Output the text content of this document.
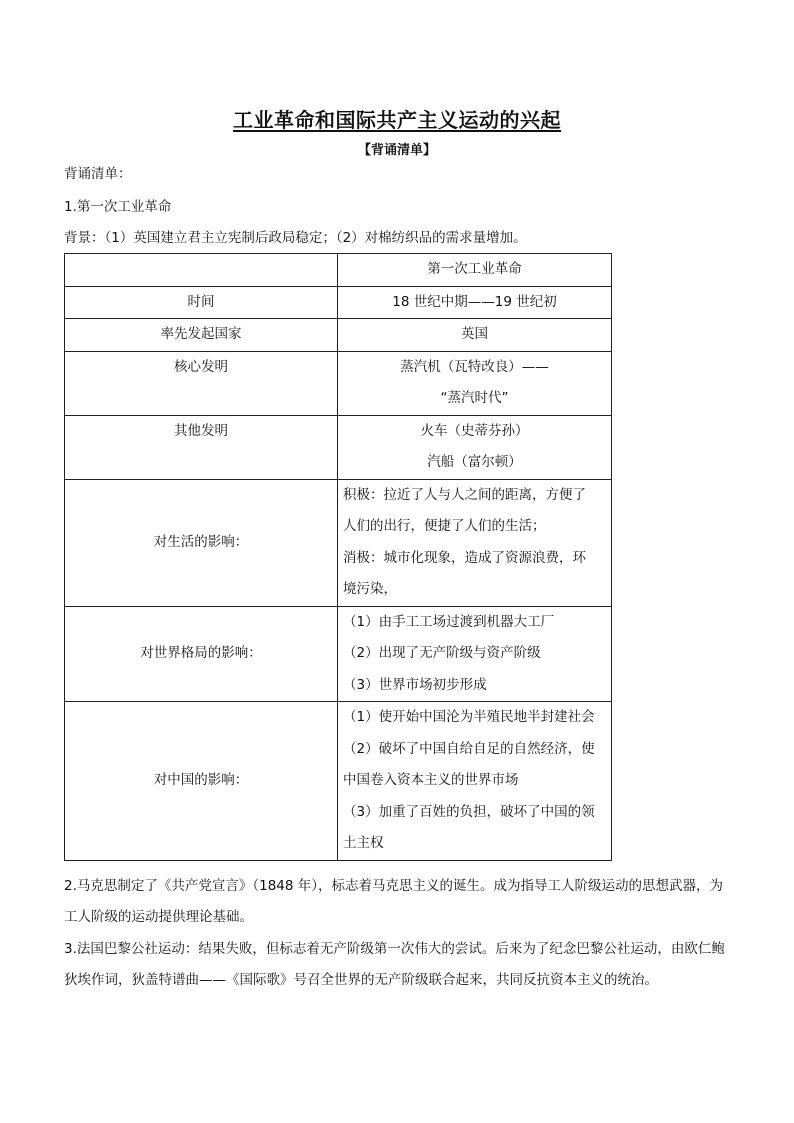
工业革命和国际共产主义运动的兴起
【背诵清单】
背诵清单：
1.第一次工业革命
背景：（1）英国建立君主立宪制后政局稳定；（2）对棉纺织品的需求量增加。

	第一次工业革命

时间	18 世纪中期——19 世纪初

率先发起国家	英国

核心发明	蒸汽机（瓦特改良）——
“蒸汽时代”

其他发明	火车（史蒂芬孙）
汽船（富尔顿）

对生活的影响：	积极：拉近了人与人之间的距离，方便了
人们的出行，便捷了人们的生活；
消极：城市化现象，造成了资源浪费，环
境污染，

对世界格局的影响：	（1）由手工工场过渡到机器大工厂
（2）出现了无产阶级与资产阶级
（3）世界市场初步形成

对中国的影响：	（1）使开始中国沦为半殖民地半封建社会
（2）破坏了中国自给自足的自然经济，使
中国卷入资本主义的世界市场
（3）加重了百姓的负担，破坏了中国的领
土主权
2.马克思制定了《共产党宣言》（1848 年），标志着马克思主义的诞生。成为指导工人阶级运动的思想武器，为工人阶级的运动提供理论基础。
3.法国巴黎公社运动：结果失败，但标志着无产阶级第一次伟大的尝试。后来为了纪念巴黎公社运动，由欧仁鲍狄埃作词，狄盖特谱曲——《国际歌》号召全世界的无产阶级联合起来，共同反抗资本主义的统治。
